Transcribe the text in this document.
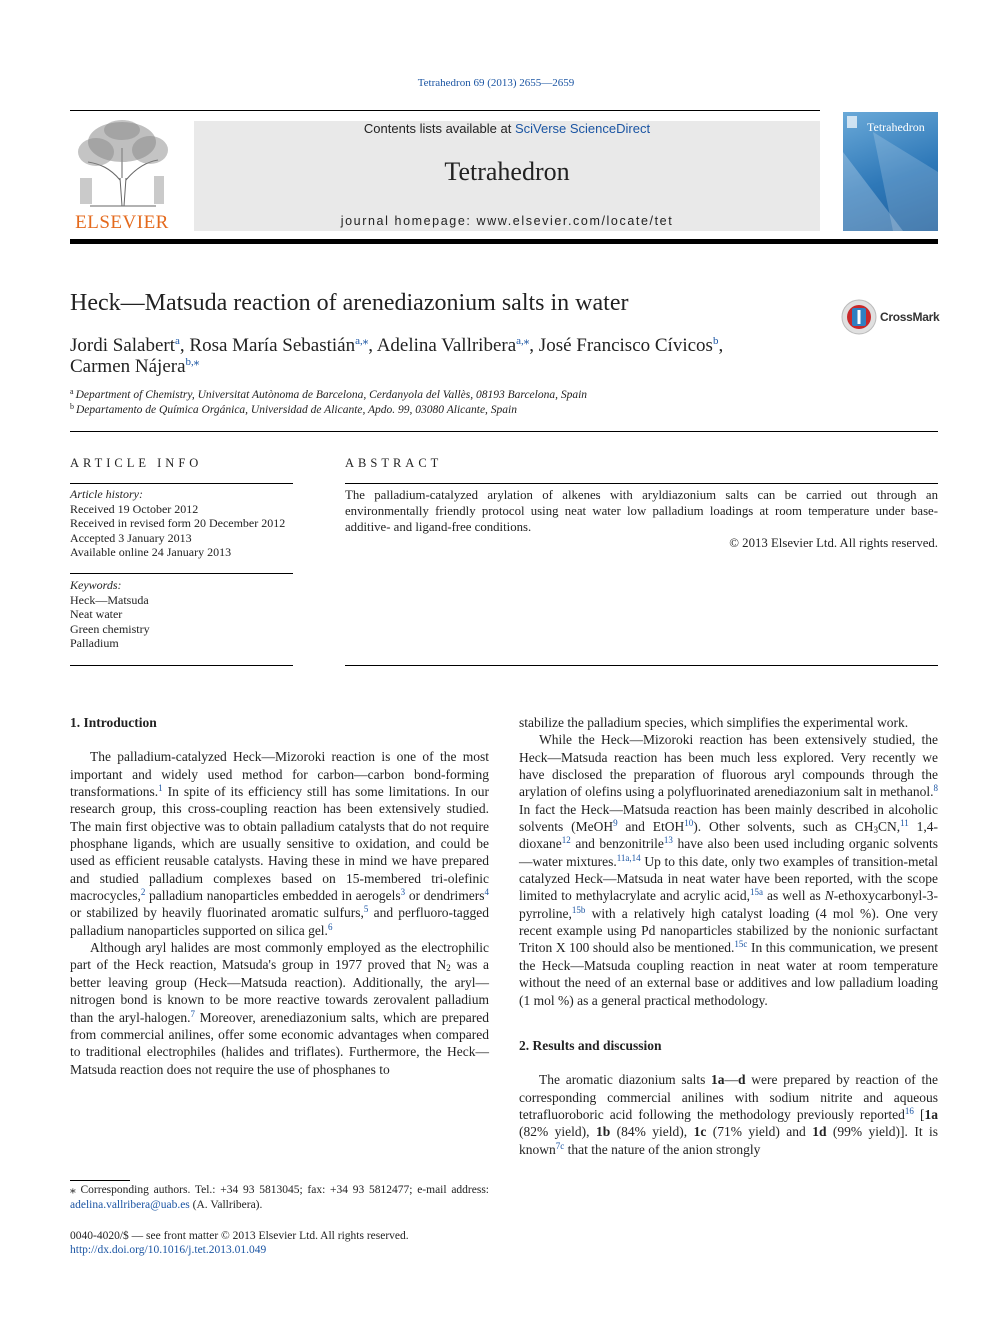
Tetrahedron 69 (2013) 2655—2659
ELSEVIER
Contents lists available at SciVerse ScienceDirect
Tetrahedron
journal homepage: www.elsevier.com/locate/tet
Tetrahedron
Heck—Matsuda reaction of arenediazonium salts in water
CrossMark
Jordi Salabert$^a$, Rosa María Sebastián$^{a,⁎}$, Adelina Vallribera$^{a,⁎}$, José Francisco Cívicos$^b$,
Carmen Nájera$^{b,⁎}$
$^a$ Department of Chemistry, Universitat Autònoma de Barcelona, Cerdanyola del Vallès, 08193 Barcelona, Spain
$^b$ Departamento de Química Orgánica, Universidad de Alicante, Apdo. 99, 03080 Alicante, Spain
ARTICLE INFO
Article history:
Received 19 October 2012
Received in revised form 20 December 2012
Accepted 3 January 2013
Available online 24 January 2013
Keywords:
Heck—Matsuda
Neat water
Green chemistry
Palladium
ABSTRACT
The palladium-catalyzed arylation of alkenes with aryldiazonium salts can be carried out through an environmentally friendly protocol using neat water low palladium loadings at room temperature under base-additive- and ligand-free conditions.
© 2013 Elsevier Ltd. All rights reserved.
1. Introduction

The palladium-catalyzed Heck—Mizoroki reaction is one of the most important and widely used method for carbon—carbon bond-forming transformations.$^1$ In spite of its efficiency still has some limitations. In our research group, this cross-coupling reaction has been extensively studied. The main first objective was to obtain palladium catalysts that do not require phosphane ligands, which are usually sensitive to oxidation, and could be used as efficient reusable catalysts. Having these in mind we have prepared and studied palladium complexes based on 15-membered tri-olefinic macrocycles,$^2$ palladium nanoparticles embedded in aerogels$^3$ or dendrimers$^4$ or stabilized by heavily fluorinated aromatic sulfurs,$^5$ and perfluoro-tagged palladium nanoparticles supported on silica gel.$^6$

Although aryl halides are most commonly employed as the electrophilic part of the Heck reaction, Matsuda's group in 1977 proved that $N_2$ was a better leaving group (Heck—Matsuda reaction). Additionally, the aryl—nitrogen bond is known to be more reactive towards zerovalent palladium than the aryl-halogen.$^7$ Moreover, arenediazonium salts, which are prepared from commercial anilines, offer some economic advantages when compared to traditional electrophiles (halides and triflates). Furthermore, the Heck—Matsuda reaction does not require the use of phosphanes to

stabilize the palladium species, which simplifies the experimental work.

While the Heck—Mizoroki reaction has been extensively studied, the Heck—Matsuda reaction has been much less explored. Very recently we have disclosed the preparation of fluorous aryl compounds through the arylation of olefins using a polyfluorinated arenediazonium salt in methanol.$^8$ In fact the Heck—Matsuda reaction has been mainly described in alcoholic solvents (MeOH$^9$ and EtOH$^{10}$). Other solvents, such as $CH_3CN,^{11}$ 1,4-dioxane$^{12}$ and benzonitrile$^{13}$ have also been used including organic solvents—water mixtures.$^{11a,14}$ Up to this date, only two examples of transition-metal catalyzed Heck—Matsuda in neat water have been reported, with the scope limited to methylacrylate and acrylic acid,$^{15a}$ as well as N-ethoxycarbonyl-3-pyrroline,$^{15b}$ with a relatively high catalyst loading (4 mol %). One very recent example using Pd nanoparticles stabilized by the nonionic surfactant Triton X 100 should also be mentioned.$^{15c}$ In this communication, we present the Heck—Matsuda coupling reaction in neat water at room temperature without the need of an external base or additives and low palladium loading (1 mol %) as a general practical methodology.

2. Results and discussion

The aromatic diazonium salts 1a—d were prepared by reaction of the corresponding commercial anilines with sodium nitrite and aqueous tetrafluoroboric acid following the methodology previously reported$^{16}$ [1a (82% yield), 1b (84% yield), 1c (71% yield) and 1d (99% yield)]. It is known$^{7c}$ that the nature of the anion strongly

⁎ Corresponding authors. Tel.: +34 93 5813045; fax: +34 93 5812477; e-mail address: adelina.vallribera@uab.es (A. Vallribera).
0040-4020/$ — see front matter © 2013 Elsevier Ltd. All rights reserved.
http://dx.doi.org/10.1016/j.tet.2013.01.049
